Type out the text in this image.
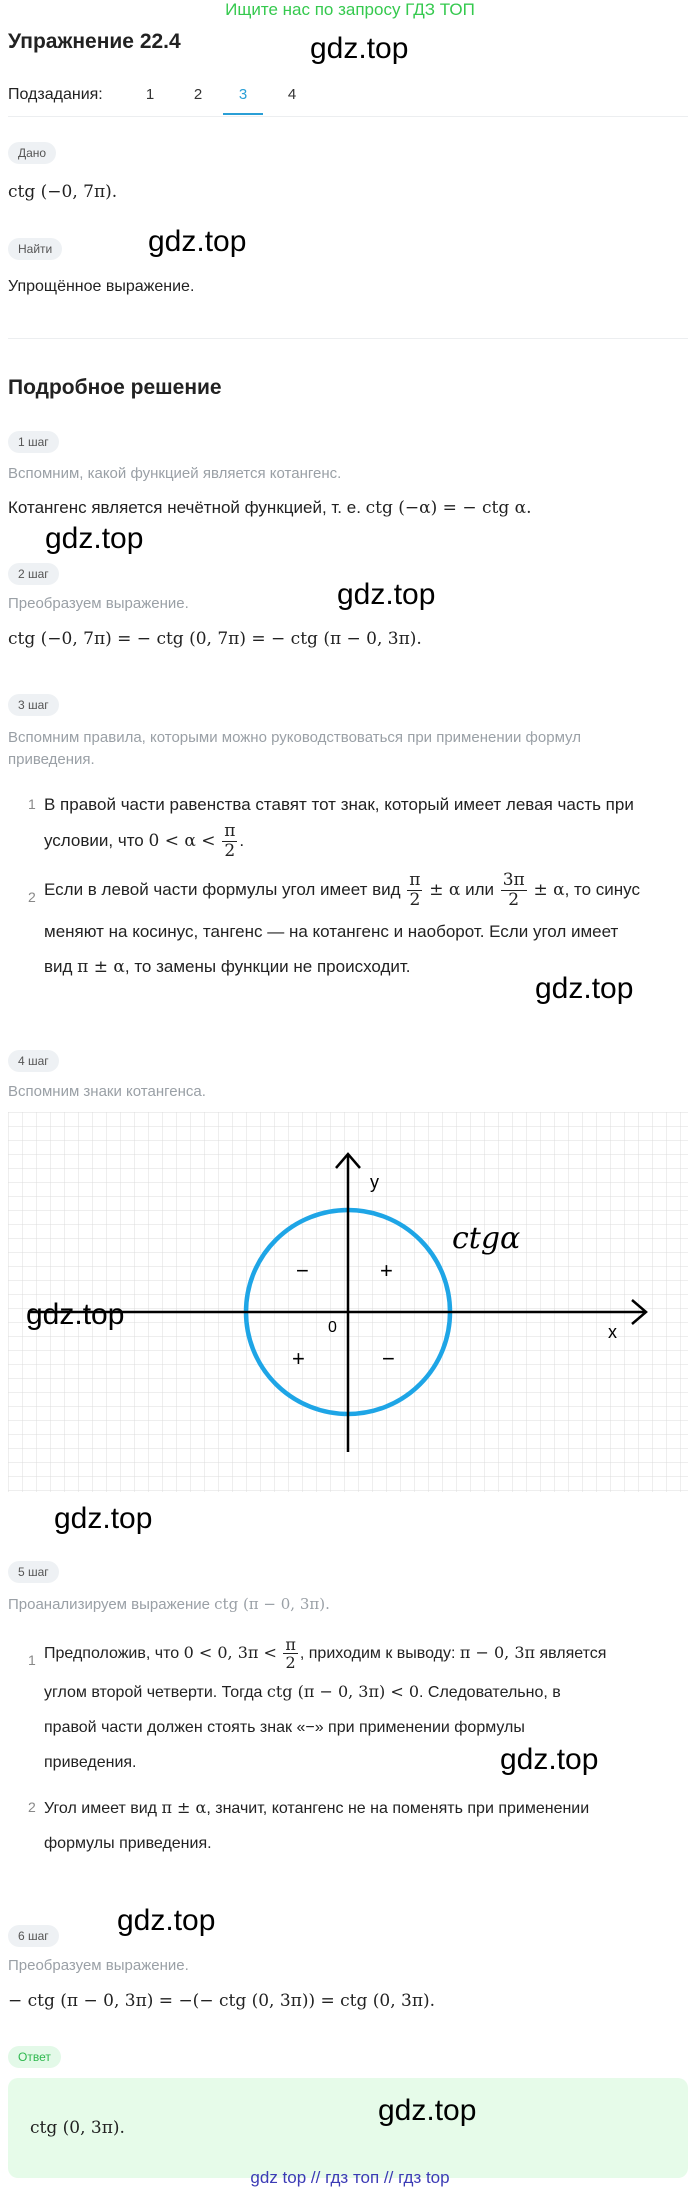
Ищите нас по запросу ГДЗ ТОП
Упражнение 22.4	gdz.top
Подзадания:	1	2	3	4
Дано
ctg (−0, 7π).
Найти	gdz.top
Упрощённое выражение.
Подробное решение
1 шаг
Вспомним, какой функцией является котангенс.
Котангенс является нечётной функцией, т. е. ctg (−α) = − ctg α.
gdz.top
2 шаг
gdz.top
Преобразуем выражение.
ctg (−0, 7π) = − ctg (0, 7π) = − ctg (π − 0, 3π).
3 шаг
Вспомним правила, которыми можно руководствоваться при применении формул приведения.
1 В правой части равенства ставят тот знак, который имеет левая часть при
условии, что $0 < \alpha < \frac{\pi}{2}$ .
2 Если в левой части формулы угол имеет вид $\frac{\pi}{2} \pm \alpha$ или $\frac{3\pi}{2} \pm \alpha$, то синус
меняют на косинус, тангенс — на котангенс и наоборот. Если угол имеет
вид π ± α, то замены функции не происходит.
gdz.top
4 шаг
Вспомним знаки котангенса.
y
x
0
ctgα
+
−
+	−
gdz.top
gdz.top
5 шаг
Проанализируем выражение ctg (π − 0, 3π).
1 Предположив, что 0 < 0, $3\pi < \frac{\pi}{2}$ , приходим к выводу: π − 0, 3π является
углом второй четверти. Тогда ctg (π − 0, 3π) < 0. Следовательно, в
правой части должен стоять знак «−» при применении формулы
приведения.	gdz.top
2 Угол имеет вид π ± α, значит, котангенс не на поменять при применении
формулы приведения.
6 шаг	gdz.top
Преобразуем выражение.
− ctg (π − 0, 3π) = −(− ctg (0, 3π)) = ctg (0, 3π).
Ответ
ctg (0, 3π).
gdz.top
gdz top // гдз топ // гдз top
